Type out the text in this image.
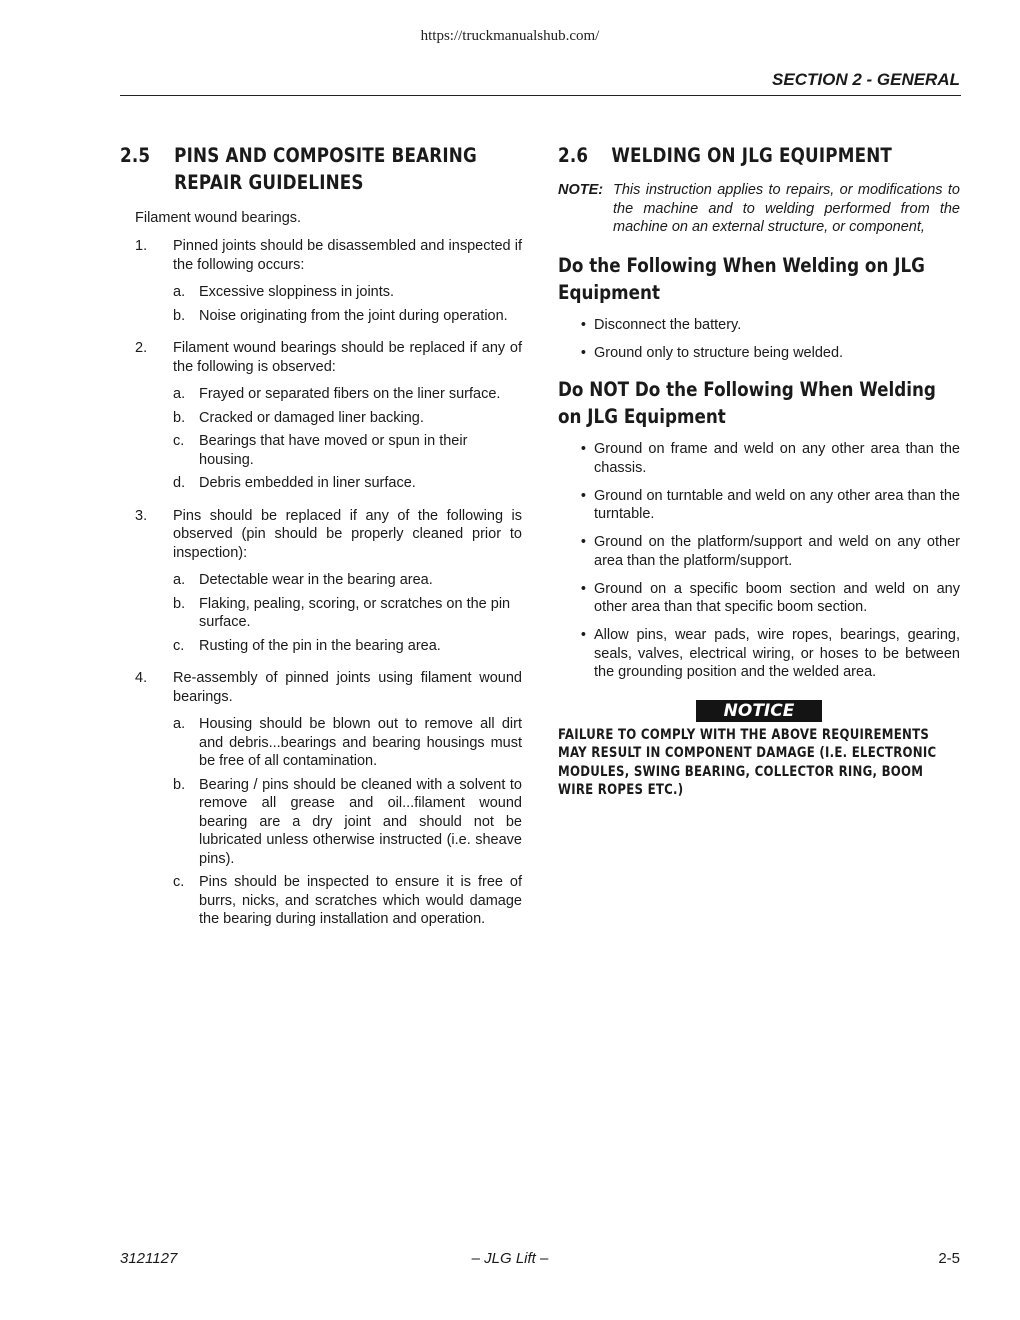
https://truckmanualshub.com/
SECTION 2 - GENERAL
2.5	PINS AND COMPOSITE BEARING
REPAIR GUIDELINES
Filament wound bearings.
1.	Pinned joints should be disassembled and inspected if the following occurs:
a. Excessive sloppiness in joints.
b. Noise originating from the joint during operation.
2.	Filament wound bearings should be replaced if any of the following is observed:
a. Frayed or separated fibers on the liner surface.
b. Cracked or damaged liner backing.
c.	Bearings that have moved or spun in their housing.
d. Debris embedded in liner surface.
3.	Pins should be replaced if any of the following is observed (pin should be properly cleaned prior to inspection):
a. Detectable wear in the bearing area.
b. Flaking, pealing, scoring, or scratches on the pin surface.
c.	Rusting of the pin in the bearing area.
4.	Re-assembly of pinned joints using filament wound bearings.
a. Housing should be blown out to remove all dirt and debris...bearings and bearing housings must be free of all contamination.
b. Bearing / pins should be cleaned with a solvent to remove all grease and oil...filament wound bearing are a dry joint and should not be lubricated unless otherwise instructed (i.e. sheave pins).
c.	Pins should be inspected to ensure it is free of burrs, nicks, and scratches which would damage the bearing during installation and operation.
2.6	WELDING ON JLG EQUIPMENT
NOTE: This instruction applies to repairs, or modifications to the machine and to welding performed from the machine on an external structure, or component,
Do the Following When Welding on JLG Equipment
• Disconnect the battery.
• Ground only to structure being welded.
Do NOT Do the Following When Welding on JLG Equipment
• Ground on frame and weld on any other area than the chassis.
• Ground on turntable and weld on any other area than the turntable.
• Ground on the platform/support and weld on any other area than the platform/support.
• Ground on a specific boom section and weld on any other area than that specific boom section.
• Allow pins, wear pads, wire ropes, bearings, gearing, seals, valves, electrical wiring, or hoses to be between the grounding position and the welded area.
NOTICE
FAILURE TO COMPLY WITH THE ABOVE REQUIREMENTS MAY RESULT IN COMPONENT DAMAGE (I.E. ELECTRONIC MODULES, SWING BEARING, COLLECTOR RING, BOOM WIRE ROPES ETC.)
3121127	– JLG Lift –	2-5
